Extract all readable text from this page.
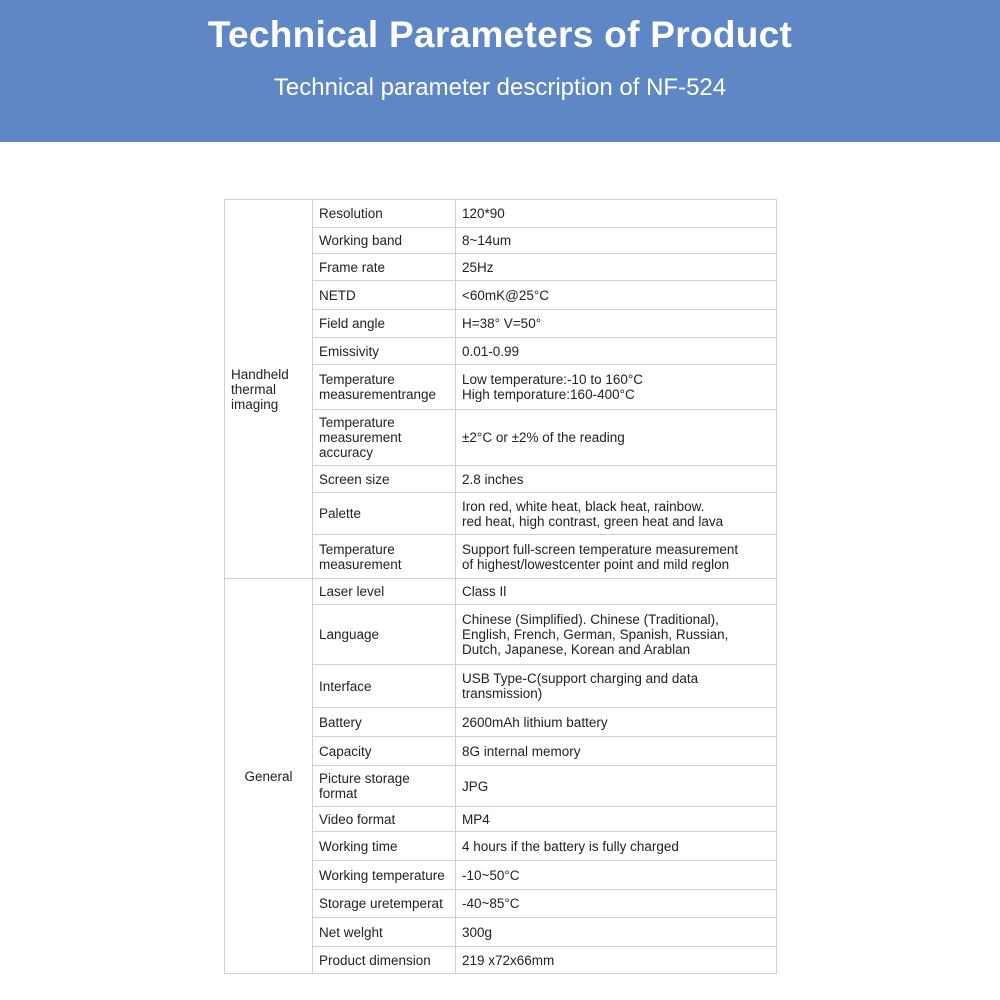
Technical Parameters of Product
Technical parameter description of NF-524
Handheld
thermal
imaging	Resolution	120*90
	Working band	8~14um
	Frame rate	25Hz
	NETD	<60mK@25°C
	Field angle	H=38° V=50°
	Emissivity	0.01-0.99
	Temperature
measurementrange	Low temperature:-10 to 160°C
High temporature:160-400°C
	Temperature
measurement
accuracy	±2°C or ±2% of the reading
	Screen size	2.8 inches
	Palette	Iron red, white heat, black heat, rainbow.
red heat, high contrast, green heat and lava
	Temperature
measurement	Support full-screen temperature measurement
of highest/lowestcenter point and mild reglon
General	Laser level	Class Il
	Language	Chinese (Simplified). Chinese (Traditional),
English, French, German, Spanish, Russian,
Dutch, Japanese, Korean and Arablan
	Interface	USB Type-C(support charging and data
transmission)
	Battery	2600mAh lithium battery
	Capacity	8G internal memory
	Picture storage
format	JPG
	Video format	MP4
	Working time	4 hours if the battery is fully charged
	Working temperature	-10~50°C
	Storage uretemperat	-40~85°C
	Net welght	300g
	Product dimension	219 x72x66mm
